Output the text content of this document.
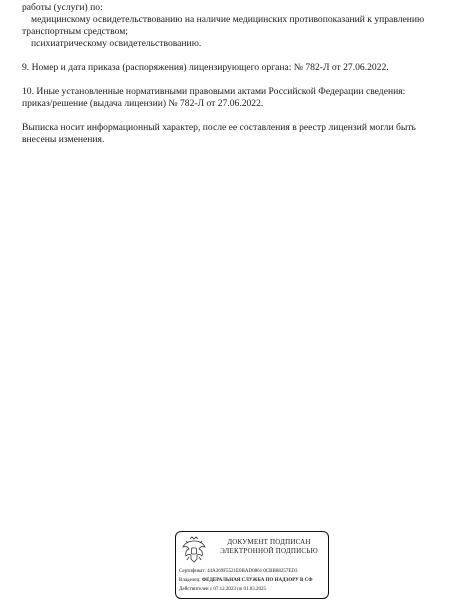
работы (услуги) по:
медицинскому освидетельствованию на наличие медицинских противопоказаний к управлению
транспортным средством;
психиатрическому освидетельствованию.
9. Номер и дата приказа (распоряжения) лицензирующего органа: № 782-Л от 27.06.2022.
10. Иные установленные нормативными правовыми актами Российской Федерации сведения:
приказ/решение (выдача лицензии) № 782-Л от 27.06.2022.
Выписка носит информационный характер, после ее составления в реестр лицензий могли быть
внесены изменения.
ДОКУМЕНТ ПОДПИСАН
ЭЛЕКТРОННОЙ ПОДПИСЬЮ
Сертификат: 44A369F5521E0BAD0861 0CBB88257ED3
Владелец: ФЕДЕРАЛЬНАЯ СЛУЖБА ПО НАДЗОРУ В СФ
Действителен с 07.12.2023 по 01.03.2025
